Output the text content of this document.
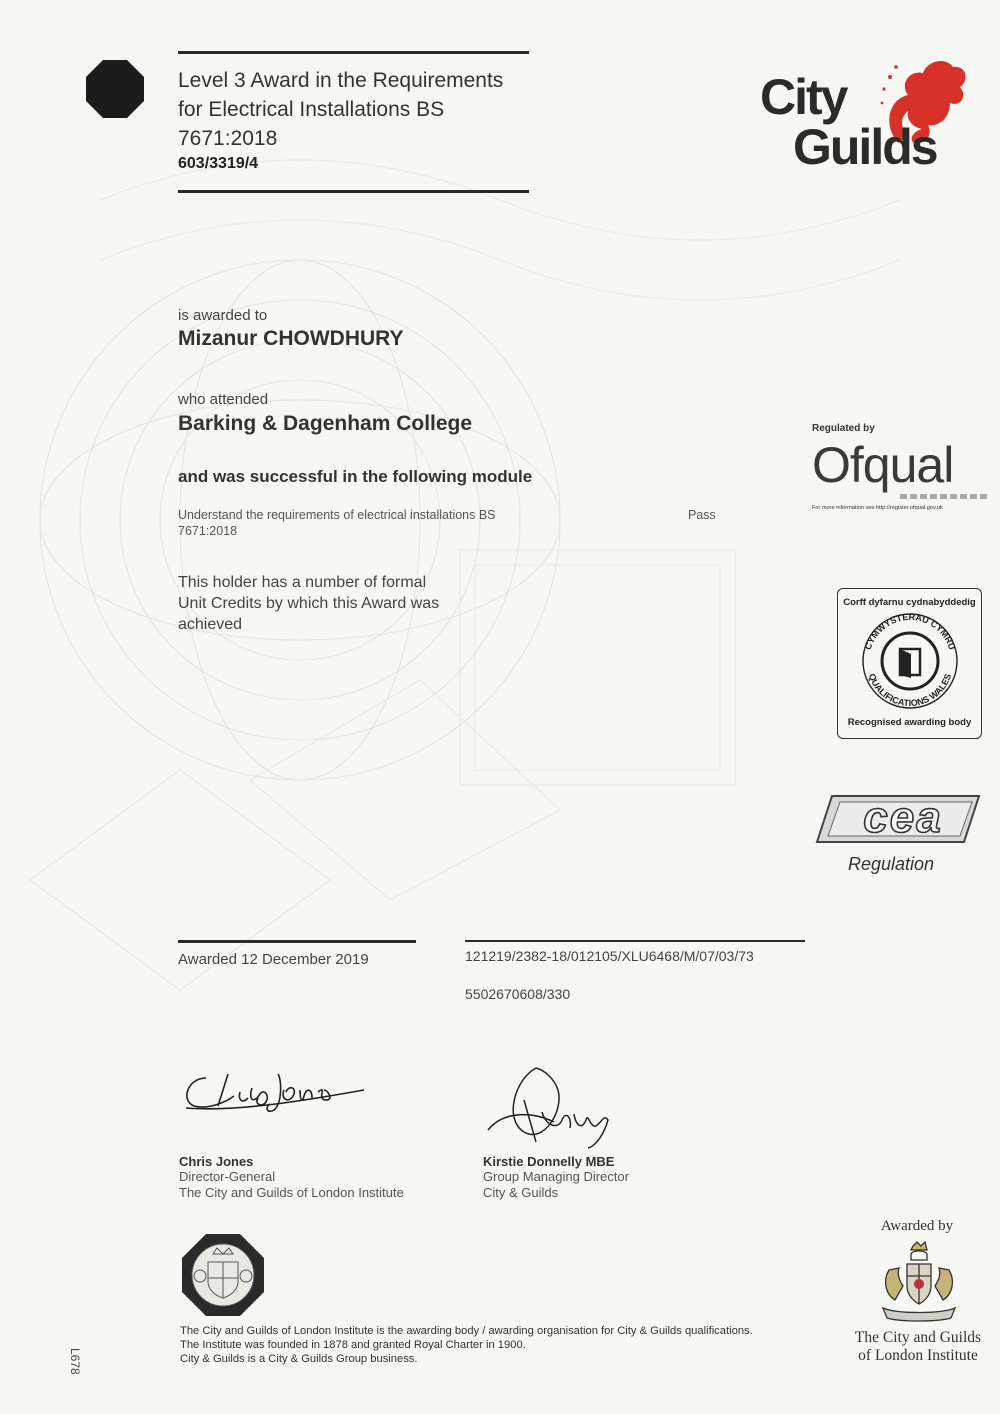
Level 3 Award in the Requirements
for Electrical Installations BS
7671:2018
603/3319/4
City
Guilds
is awarded to
Mizanur CHOWDHURY
who attended
Barking & Dagenham College
and was successful in the following module
Understand the requirements of electrical installations BS
7671:2018
Pass
This holder has a number of formal
Unit Credits by which this Award was
achieved
Regulated by
Ofqual
For more information see http://register.ofqual.gov.uk
Corff dyfarnu cydnabyddedig
CYMWYSTERAU CYMRU
QUALIFICATIONS WALES
Recognised awarding body
cea
Regulation
Awarded 12 December 2019	121219/2382-18/012105/XLU6468/M/07/03/73
5502670608/330
Chris Jones
Director-General
The City and Guilds of London Institute
Kirstie Donnelly MBE
Group Managing Director
City & Guilds
Awarded by
The City and Guilds
of London Institute
The City and Guilds of London Institute is the awarding body / awarding organisation for City & Guilds qualifications.
The Institute was founded in 1878 and granted Royal Charter in 1900.
City & Guilds is a City & Guilds Group business.
L678
